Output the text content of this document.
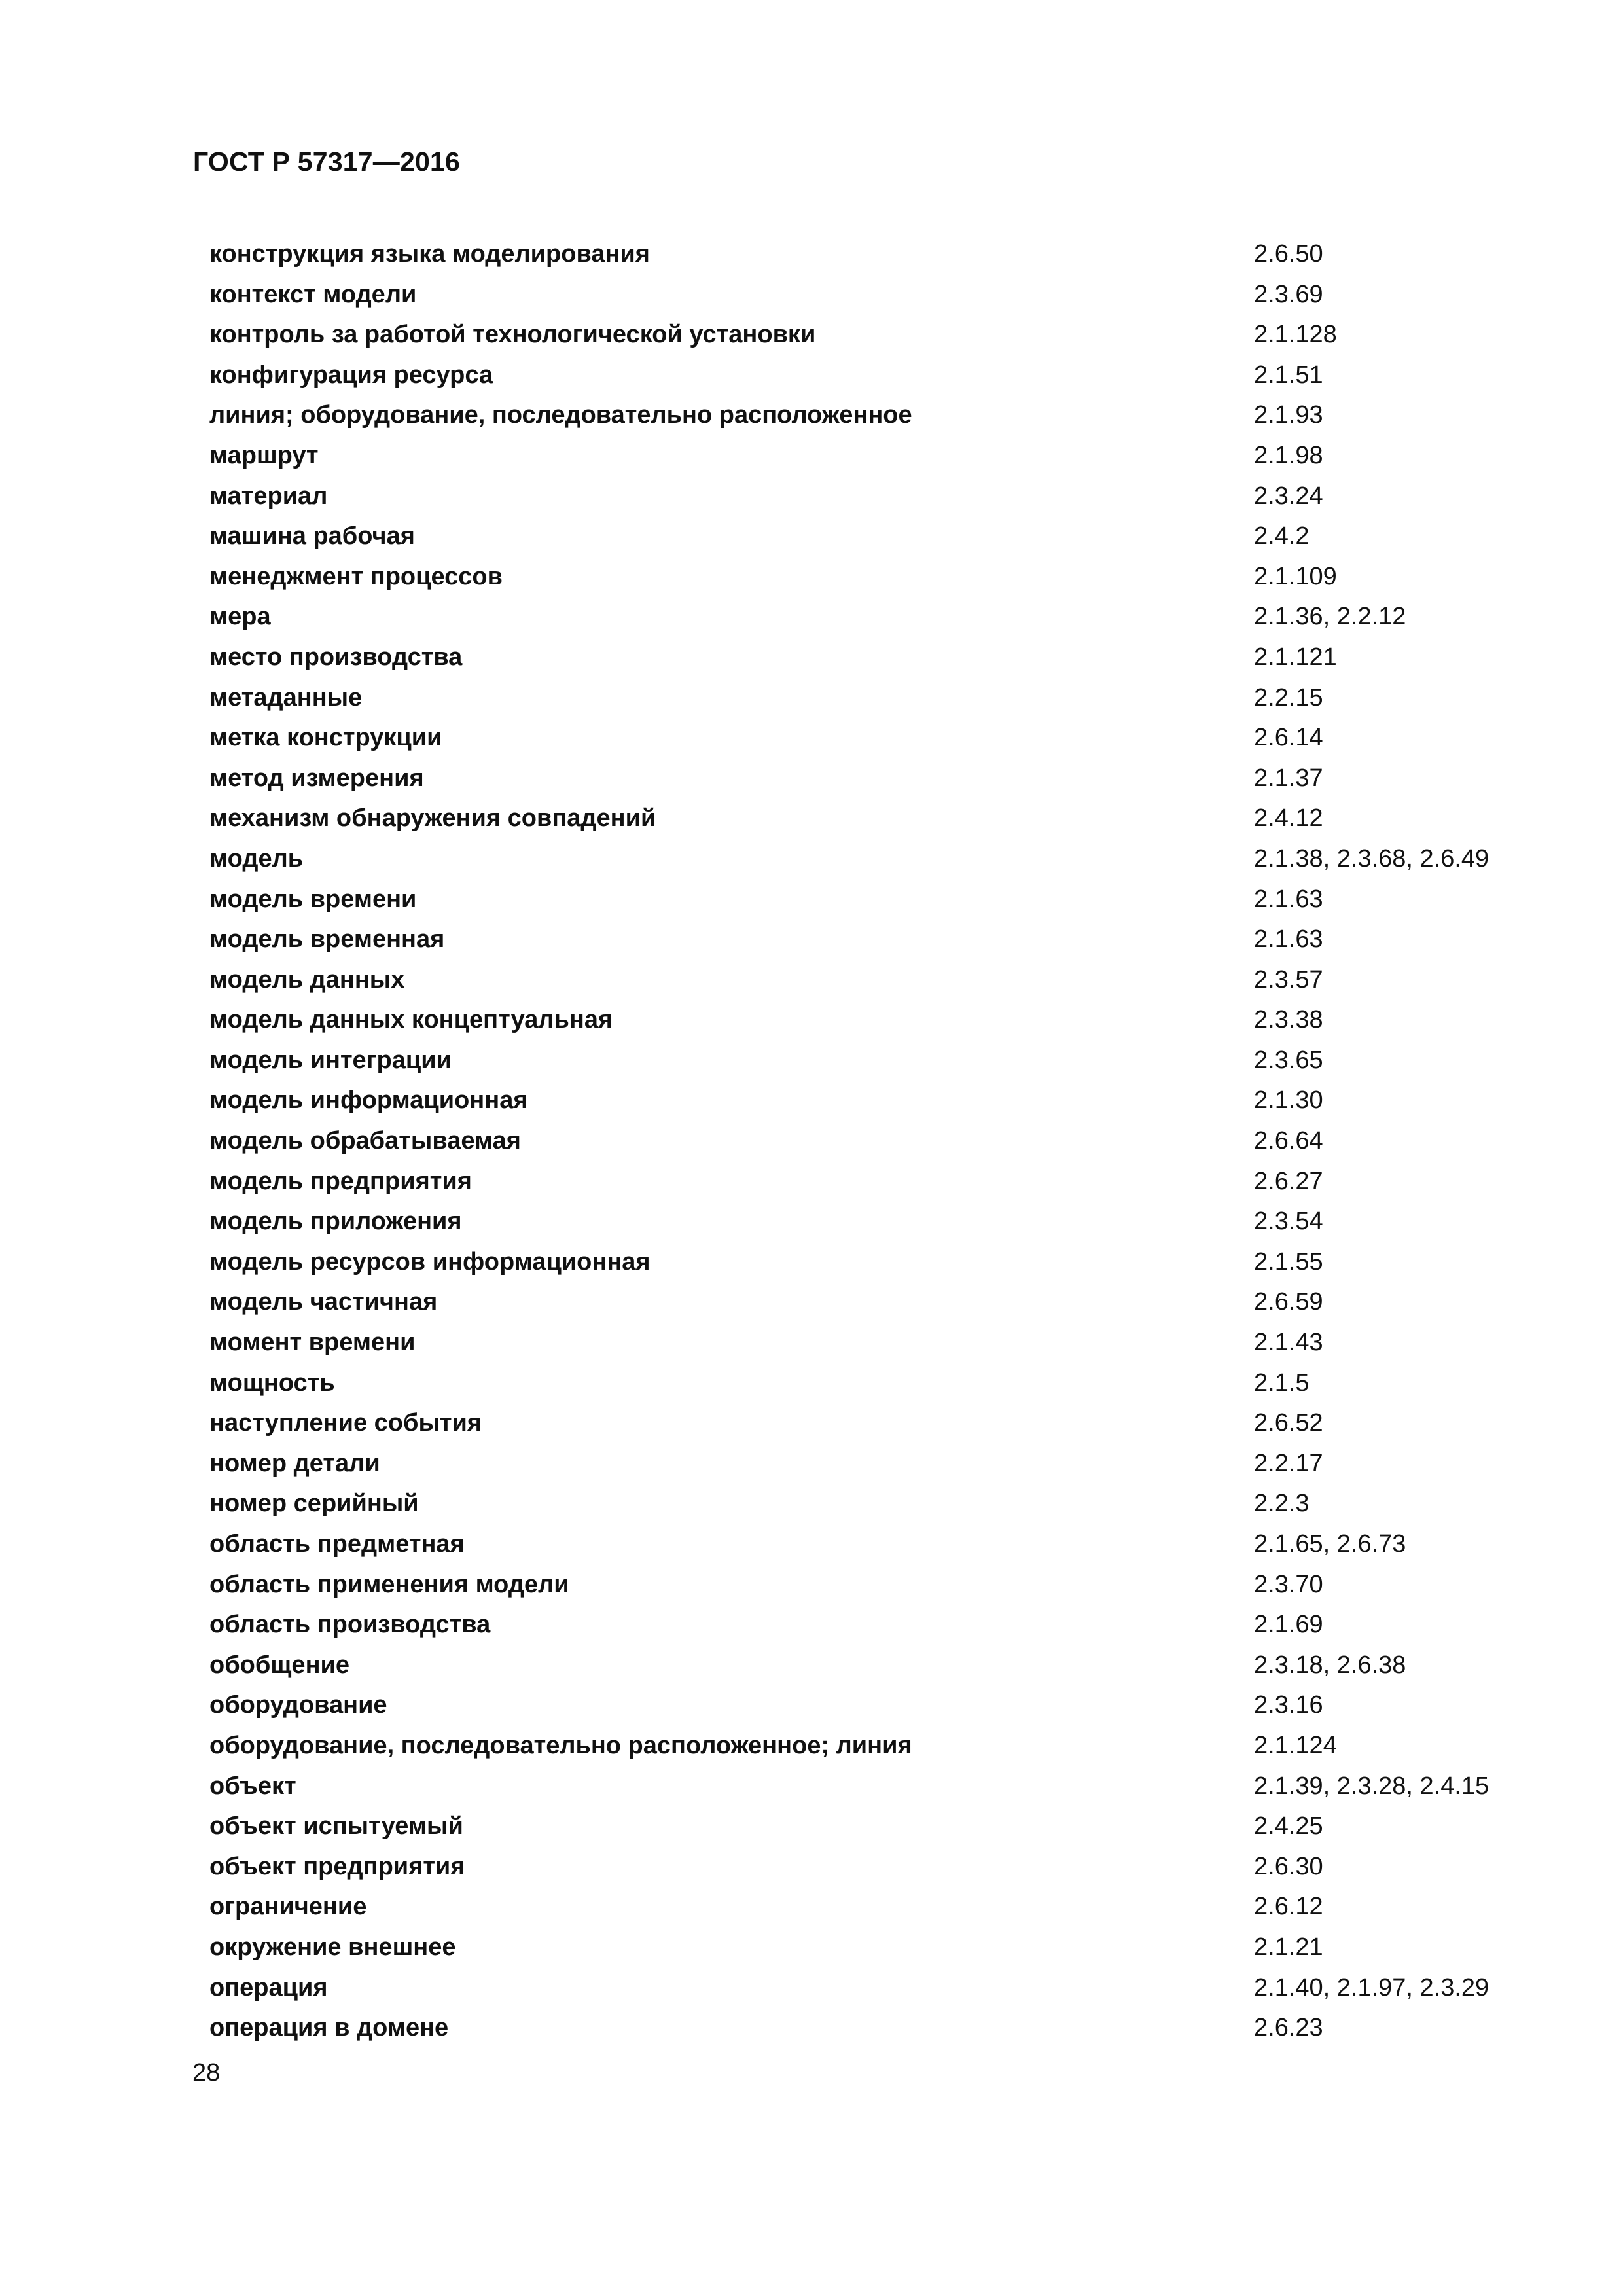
ГОСТ Р 57317—2016
конструкция языка моделирования	2.6.50
контекст модели	2.3.69
контроль за работой технологической установки	2.1.128
конфигурация ресурса	2.1.51
линия; оборудование, последовательно расположенное	2.1.93
маршрут	2.1.98
материал	2.3.24
машина рабочая	2.4.2
менеджмент процессов	2.1.109
мера	2.1.36, 2.2.12
место производства	2.1.121
метаданные	2.2.15
метка конструкции	2.6.14
метод измерения	2.1.37
механизм обнаружения совпадений	2.4.12
модель	2.1.38, 2.3.68, 2.6.49
модель времени	2.1.63
модель временная	2.1.63
модель данных	2.3.57
модель данных концептуальная	2.3.38
модель интеграции	2.3.65
модель информационная	2.1.30
модель обрабатываемая	2.6.64
модель предприятия	2.6.27
модель приложения	2.3.54
модель ресурсов информационная	2.1.55
модель частичная	2.6.59
момент времени	2.1.43
мощность	2.1.5
наступление события	2.6.52
номер детали	2.2.17
номер серийный	2.2.3
область предметная	2.1.65, 2.6.73
область применения модели	2.3.70
область производства	2.1.69
обобщение	2.3.18, 2.6.38
оборудование	2.3.16
оборудование, последовательно расположенное; линия	2.1.124
объект	2.1.39, 2.3.28, 2.4.15
объект испытуемый	2.4.25
объект предприятия	2.6.30
ограничение	2.6.12
окружение внешнее	2.1.21
операция	2.1.40, 2.1.97, 2.3.29
операция в домене	2.6.23
28
